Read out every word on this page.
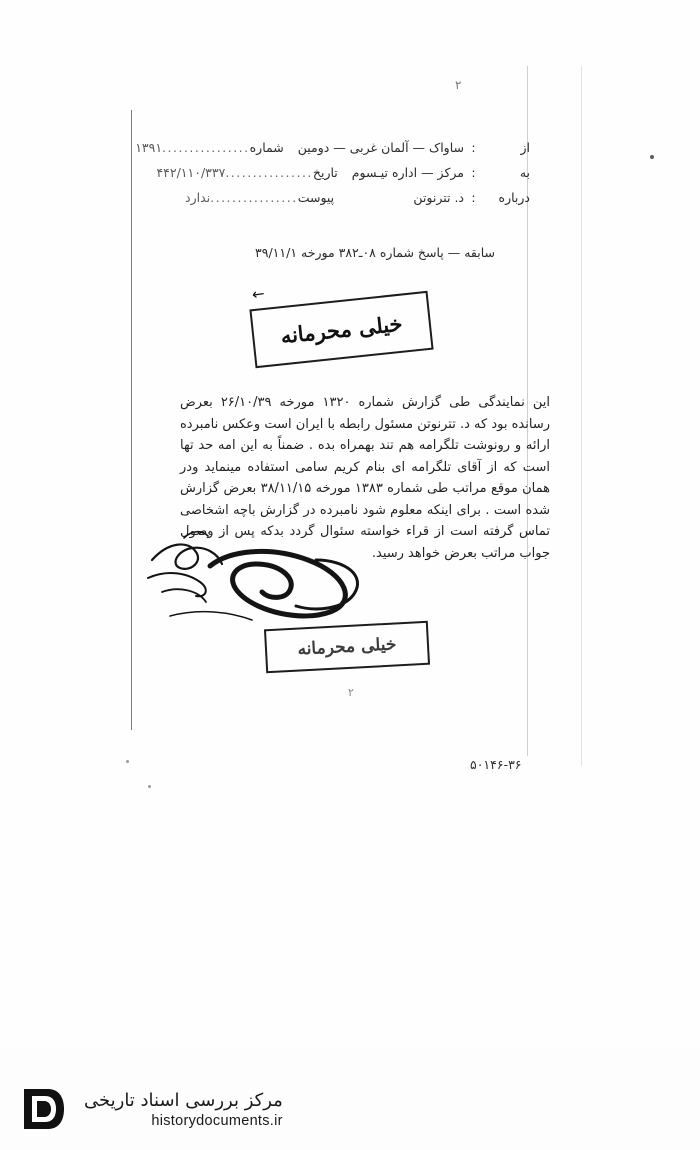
۲
از
:
ساواک — آلمان غربی — دومین
شماره
................
۱۳۹۱
به
:
مرکز — اداره تیـسوم
تاریخ
................
۴۴۲/۱۱۰/۳۳۷
درباره
:
د. تترنوتن
پیوست
................
ندارد
سابقه — پاسخ شماره ۰۸ـ۳۸۲ مورخه ۳۹/۱۱/۱
←
خیلی محرمانه

این نمایندگی طی گزارش شماره ۱۳۲۰ مورخه ۲۶/۱۰/۳۹ بعرض رسانده بود که د. تترنوتن مسئول رابطه با ایران است وعکس نامبرده ارائه و رونوشت تلگرامه هم تند بهمراه بده . ضمناً به این امه حد تها است که از آقای تلگرامه ای بنام کریم سامی استفاده مینماید ودر همان موقع مراتب طی شماره ۱۳۸۳ مورخه ۳۸/۱۱/۱۵ بعرض گزارش شده است . برای اینکه معلوم شود نامبرده در گزارش باچه اشخاصی تماس گرفته است از قراء خواسته سئوال گردد بدکه پس از وصول جواب مراتب بعرض خواهد رسید.

خیلی محرمانه
۲
۵۰۱۴۶-۳۶
مرکز بررسی اسناد تاریخی
historydocuments.ir
